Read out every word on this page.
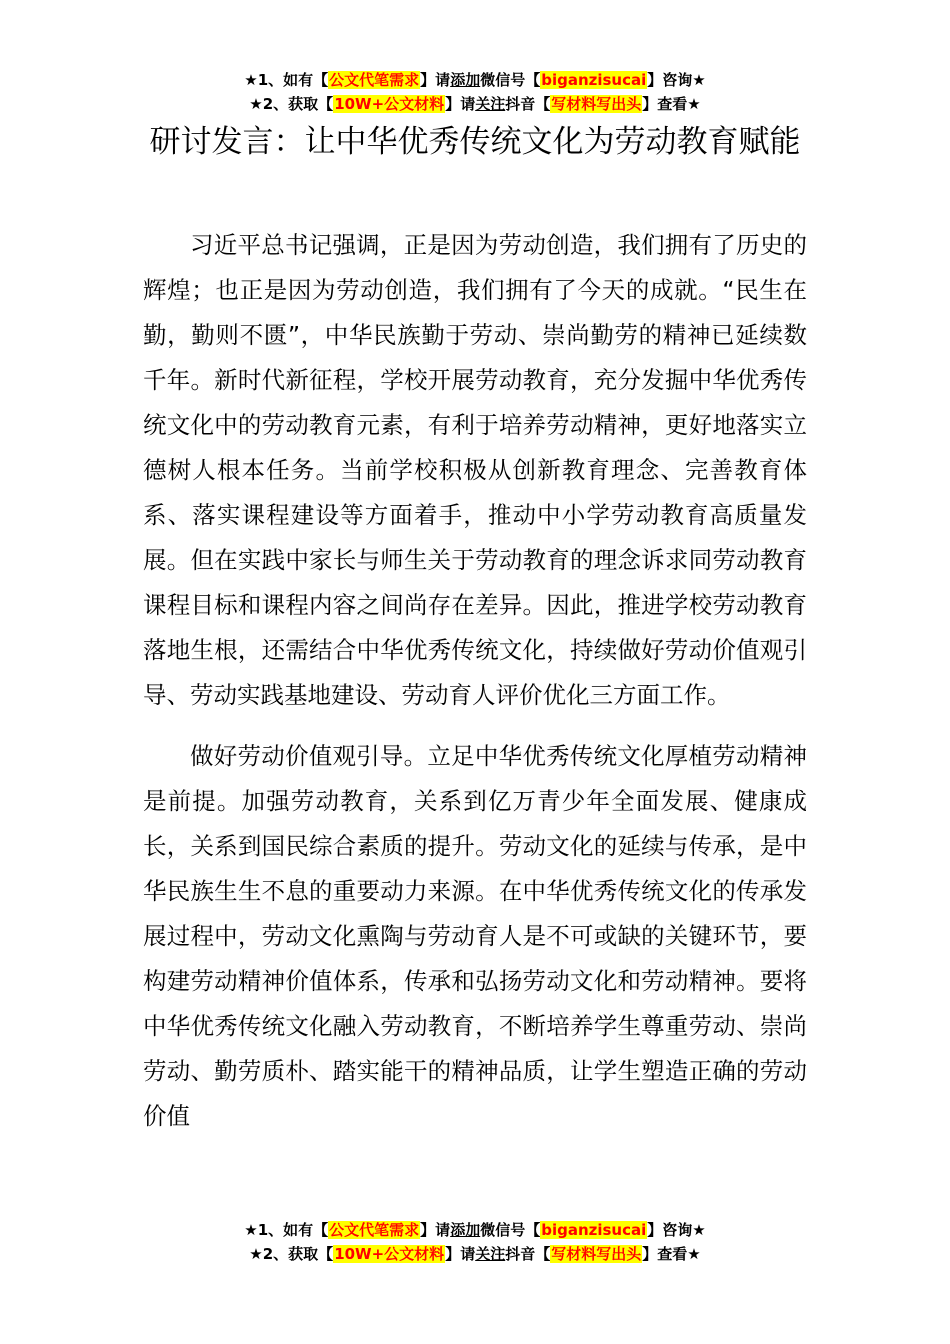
★1、如有【公文代笔需求】请添加微信号【biganzisucai】咨询★
★2、获取【10W+公文材料】请关注抖音【写材料写出头】查看★
研讨发言：让中华优秀传统文化为劳动教育赋能

习近平总书记强调，正是因为劳动创造，我们拥有了历史的辉煌；也正是因为劳动创造，我们拥有了今天的成就。“民生在勤，勤则不匮”，中华民族勤于劳动、崇尚勤劳的精神已延续数千年。新时代新征程，学校开展劳动教育，充分发掘中华优秀传统文化中的劳动教育元素，有利于培养劳动精神，更好地落实立德树人根本任务。当前学校积极从创新教育理念、完善教育体系、落实课程建设等方面着手，推动中小学劳动教育高质量发展。但在实践中家长与师生关于劳动教育的理念诉求同劳动教育课程目标和课程内容之间尚存在差异。因此，推进学校劳动教育落地生根，还需结合中华优秀传统文化，持续做好劳动价值观引导、劳动实践基地建设、劳动育人评价优化三方面工作。

做好劳动价值观引导。立足中华优秀传统文化厚植劳动精神是前提。加强劳动教育，关系到亿万青少年全面发展、健康成长，关系到国民综合素质的提升。劳动文化的延续与传承，是中华民族生生不息的重要动力来源。在中华优秀传统文化的传承发展过程中，劳动文化熏陶与劳动育人是不可或缺的关键环节，要构建劳动精神价值体系，传承和弘扬劳动文化和劳动精神。要将中华优秀传统文化融入劳动教育，不断培养学生尊重劳动、崇尚劳动、勤劳质朴、踏实能干的精神品质，让学生塑造正确的劳动价值

★1、如有【公文代笔需求】请添加微信号【biganzisucai】咨询★
★2、获取【10W+公文材料】请关注抖音【写材料写出头】查看★
